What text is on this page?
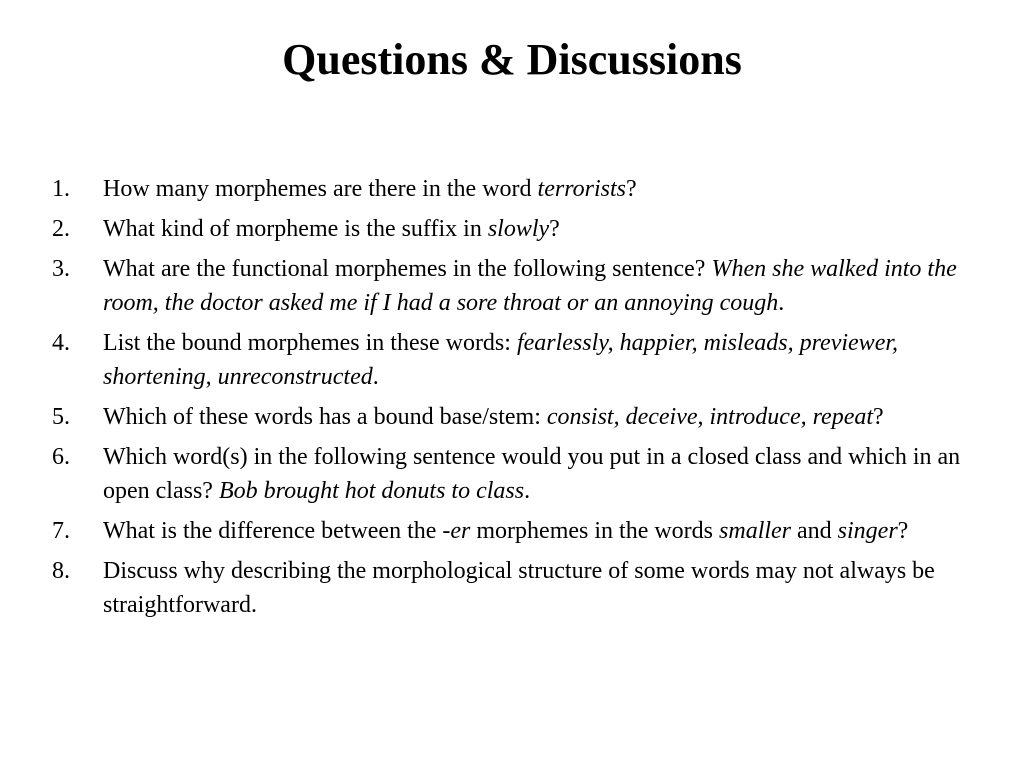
Questions & Discussions
1.	How many morphemes are there in the word terrorists?
2.	What kind of morpheme is the suffix in slowly?
3.	What are the functional morphemes in the following sentence? When she walked into the room, the doctor asked me if I had a sore throat or an annoying cough.
4.	List the bound morphemes in these words: fearlessly, happier, misleads, previewer, shortening, unreconstructed.
5.	Which of these words has a bound base/stem: consist, deceive, introduce, repeat?
6.	Which word(s) in the following sentence would you put in a closed class and which in an open class? Bob brought hot donuts to class.
7.	What is the difference between the -er morphemes in the words smaller and singer?
8.	Discuss why describing the morphological structure of some words may not always be straightforward.
